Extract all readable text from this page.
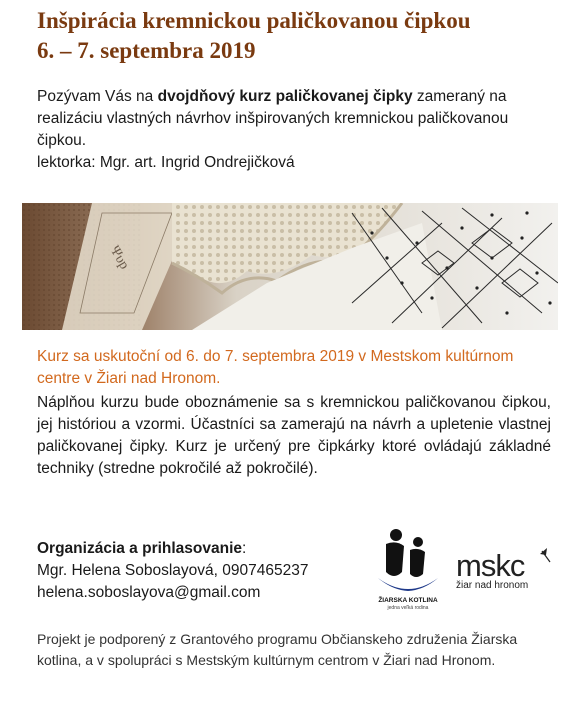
Inšpirácia kremnickou paličkovanou čipkou
6. – 7. septembra 2019
Pozývam Vás na dvojdňový kurz paličkovanej čipky zameraný na realizáciu vlastných návrhov inšpirovaných kremnickou paličkovanou čipkou.
lektorka: Mgr. art. Ingrid Ondrejičková
Ψυp
Kurz sa uskutoční od 6. do 7. septembra 2019 v Mestskom kultúrnom centre v Žiari nad Hronom.
Náplňou kurzu bude oboznámenie sa s kremnickou paličkovanou čipkou, jej históriou a vzormi. Účastníci sa zamerajú na návrh a upletenie vlastnej paličkovanej čipky. Kurz je určený pre čipkárky ktoré ovládajú základné techniky (stredne pokročilé až pokročilé).
Organizácia a prihlasovanie:
Mgr. Helena Soboslayová, 0907465237
helena.soboslayova@gmail.com	ŽIARSKA KOTLINA
jedna veľká rodina
mskc
žiar nad hronom
Projekt je podporený z Grantového programu Občianskeho združenia Žiarska kotlina, a v spolupráci s Mestským kultúrnym centrom v Žiari nad Hronom.
